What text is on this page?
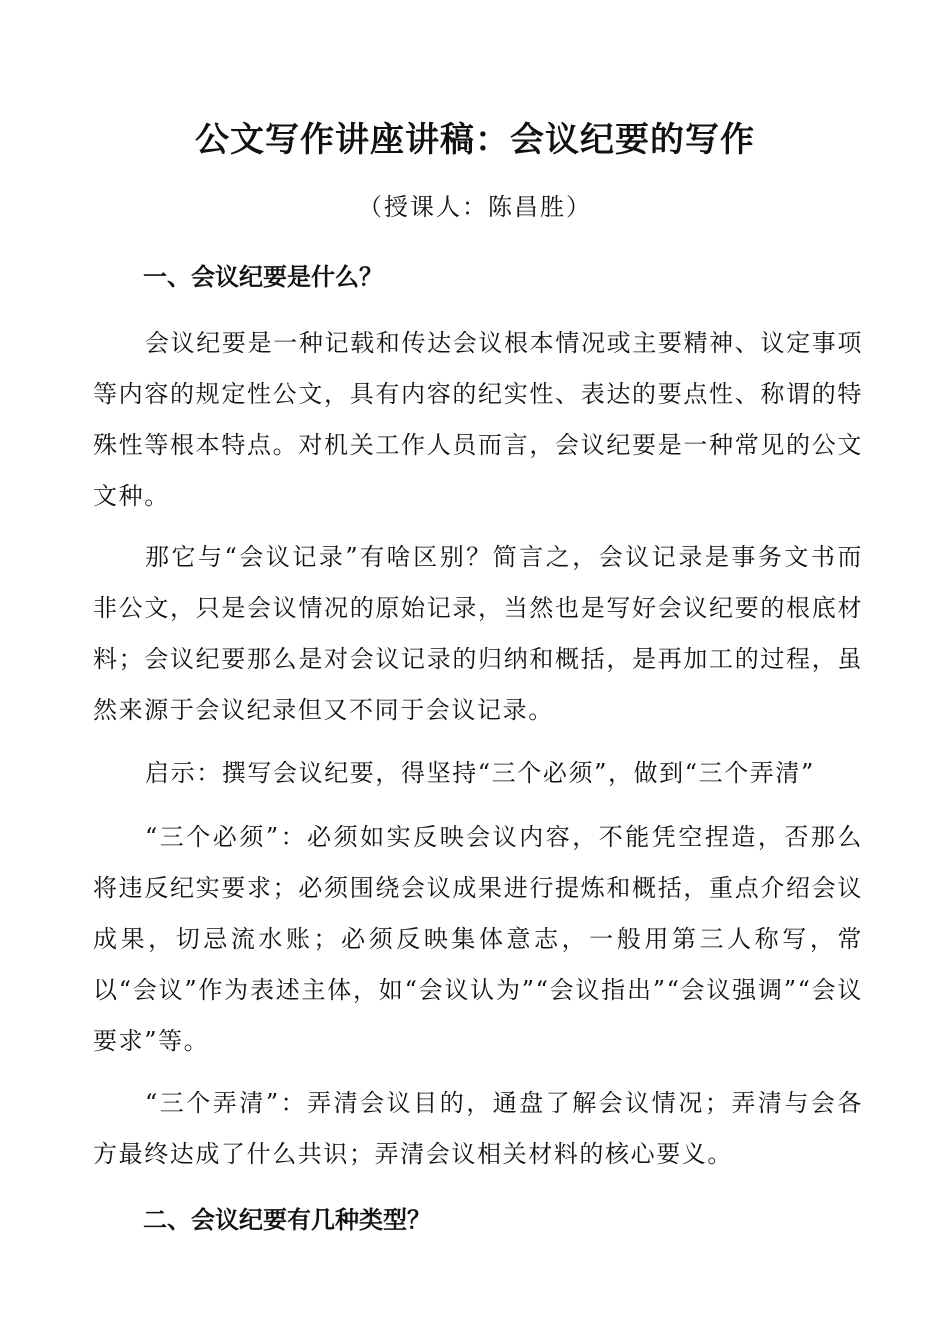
公文写作讲座讲稿：会议纪要的写作
（授课人：陈昌胜）
一、会议纪要是什么？

会议纪要是一种记载和传达会议根本情况或主要精神、议定事项等内容的规定性公文，具有内容的纪实性、表达的要点性、称谓的特殊性等根本特点。对机关工作人员而言，会议纪要是一种常见的公文文种。

那它与“会议记录”有啥区别？简言之，会议记录是事务文书而非公文，只是会议情况的原始记录，当然也是写好会议纪要的根底材料；会议纪要那么是对会议记录的归纳和概括，是再加工的过程，虽然来源于会议纪录但又不同于会议记录。

启示：撰写会议纪要，得坚持“三个必须”，做到“三个弄清”

“三个必须”：必须如实反映会议内容，不能凭空捏造，否那么将违反纪实要求；必须围绕会议成果进行提炼和概括，重点介绍会议成果，切忌流水账；必须反映集体意志，一般用第三人称写，常以“会议”作为表述主体，如“会议认为”“会议指出”“会议强调”“会议要求”等。

“三个弄清”：弄清会议目的，通盘了解会议情况；弄清与会各方最终达成了什么共识；弄清会议相关材料的核心要义。

二、会议纪要有几种类型？
